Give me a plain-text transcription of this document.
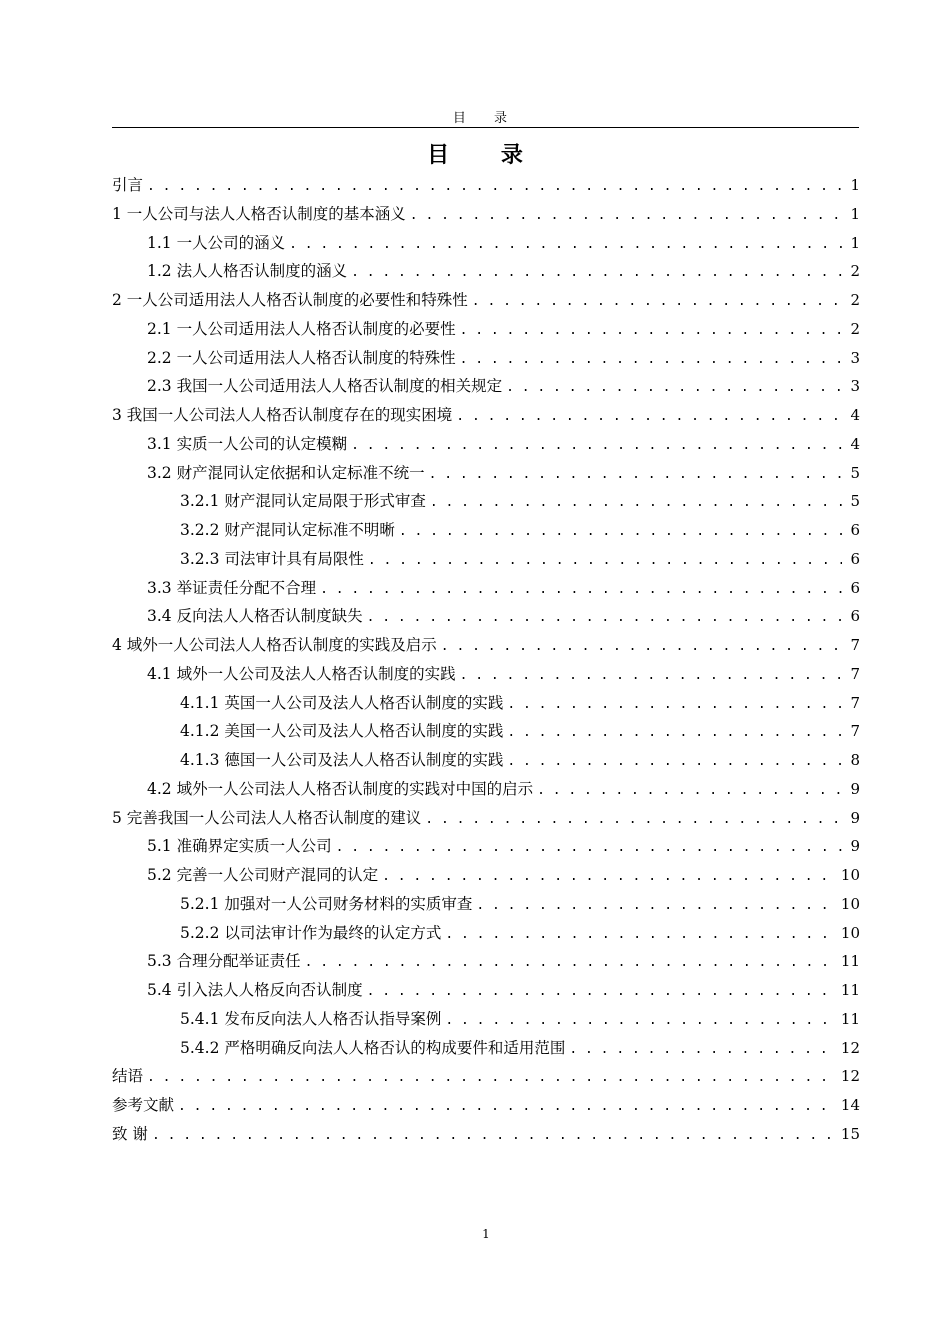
目 录
目 录
引言 . . .	1
1 一人公司与法人人格否认制度的基本涵义 . . .	1
1.1 一人公司的涵义 . . .	1
1.2 法人人格否认制度的涵义 . . .	2
2 一人公司适用法人人格否认制度的必要性和特殊性 . . .	2
2.1 一人公司适用法人人格否认制度的必要性 . . .	2
2.2 一人公司适用法人人格否认制度的特殊性 . . .	3
2.3 我国一人公司适用法人人格否认制度的相关规定 . . .	3
3 我国一人公司法人人格否认制度存在的现实困境 . . .	4
3.1 实质一人公司的认定模糊 . . .	4
3.2 财产混同认定依据和认定标准不统一 . . .	5
3.2.1 财产混同认定局限于形式审查 . . .	5
3.2.2 财产混同认定标准不明晰 . . .	6
3.2.3 司法审计具有局限性 . . .	6
3.3 举证责任分配不合理 . . .	6
3.4 反向法人人格否认制度缺失 . . .	6
4 域外一人公司法人人格否认制度的实践及启示 . . .	7
4.1 域外一人公司及法人人格否认制度的实践 . . .	7
4.1.1 英国一人公司及法人人格否认制度的实践 . . .	7
4.1.2 美国一人公司及法人人格否认制度的实践 . . .	7
4.1.3 德国一人公司及法人人格否认制度的实践 . . .	8
4.2 域外一人公司法人人格否认制度的实践对中国的启示 . . .	9
5 完善我国一人公司法人人格否认制度的建议 . . .	9
5.1 准确界定实质一人公司 . . .	9
5.2 完善一人公司财产混同的认定 . . .	10
5.2.1 加强对一人公司财务材料的实质审查 . . .	10
5.2.2 以司法审计作为最终的认定方式 . . .	10
5.3 合理分配举证责任 . . .	11
5.4 引入法人人格反向否认制度 . . .	11
5.4.1 发布反向法人人格否认指导案例 . . .	11
5.4.2 严格明确反向法人人格否认的构成要件和适用范围 . . .	12
结语 . . .	12
参考文献 . . .	14
致 谢 . . .	15
1
